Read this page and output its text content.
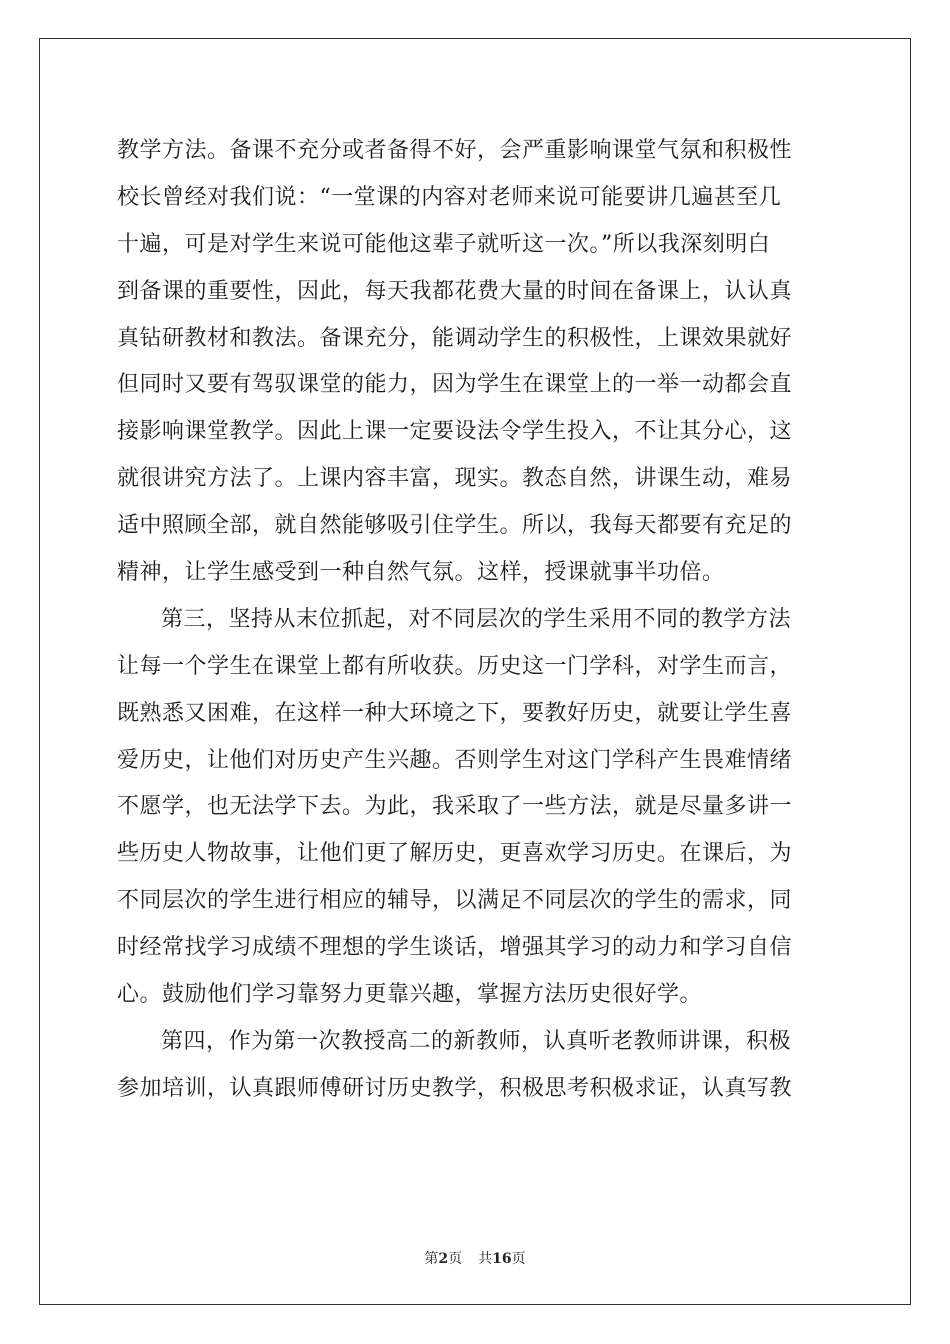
教学方法。备课不充分或者备得不好，会严重影响课堂气氛和积极性
校长曾经对我们说：“一堂课的内容对老师来说可能要讲几遍甚至几
十遍，可是对学生来说可能他这辈子就听这一次。”所以我深刻明白
到备课的重要性，因此，每天我都花费大量的时间在备课上，认认真
真钻研教材和教法。备课充分，能调动学生的积极性，上课效果就好
但同时又要有驾驭课堂的能力，因为学生在课堂上的一举一动都会直
接影响课堂教学。因此上课一定要设法令学生投入，不让其分心，这
就很讲究方法了。上课内容丰富，现实。教态自然，讲课生动，难易
适中照顾全部，就自然能够吸引住学生。所以，我每天都要有充足的
精神，让学生感受到一种自然气氛。这样，授课就事半功倍。
第三，坚持从末位抓起，对不同层次的学生采用不同的教学方法
让每一个学生在课堂上都有所收获。历史这一门学科，对学生而言，
既熟悉又困难，在这样一种大环境之下，要教好历史，就要让学生喜
爱历史，让他们对历史产生兴趣。否则学生对这门学科产生畏难情绪
不愿学，也无法学下去。为此，我采取了一些方法，就是尽量多讲一
些历史人物故事，让他们更了解历史，更喜欢学习历史。在课后，为
不同层次的学生进行相应的辅导，以满足不同层次的学生的需求，同
时经常找学习成绩不理想的学生谈话，增强其学习的动力和学习自信
心。鼓励他们学习靠努力更靠兴趣，掌握方法历史很好学。
第四，作为第一次教授高二的新教师，认真听老教师讲课，积极
参加培训，认真跟师傅研讨历史教学，积极思考积极求证，认真写教
第2页 共16页
